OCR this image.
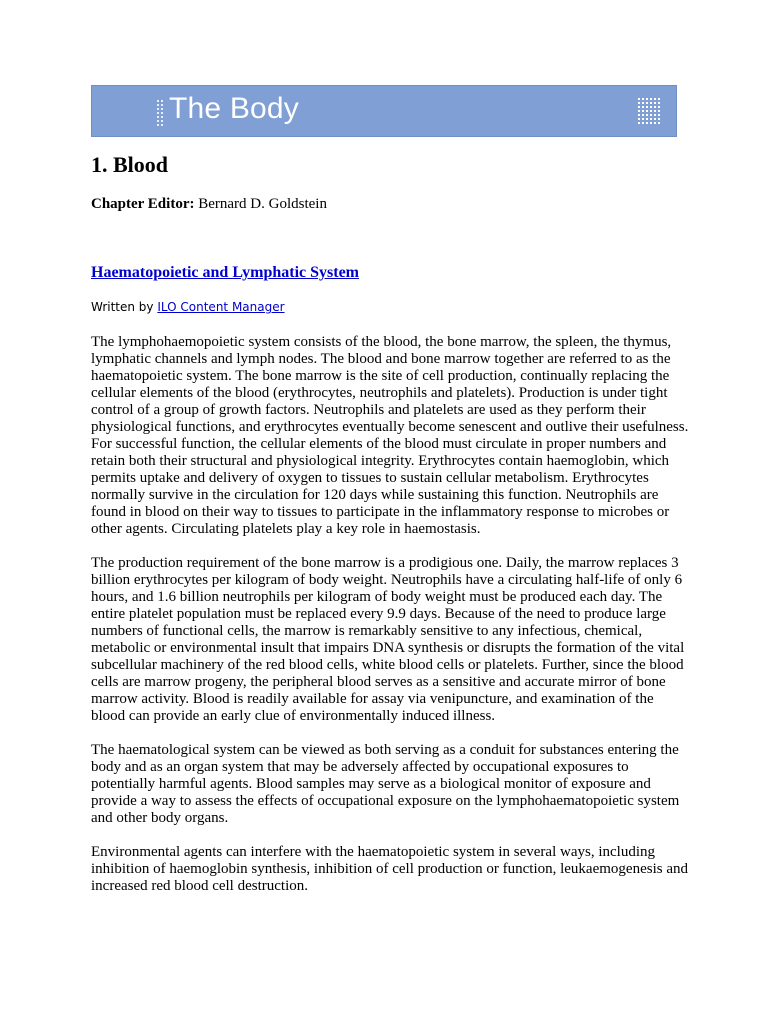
The Body
1. Blood
Chapter Editor: Bernard D. Goldstein
Haematopoietic and Lymphatic System
Written by ILO Content Manager

The lymphohaemopoietic system consists of the blood, the bone marrow, the spleen, the thymus, lymphatic channels and lymph nodes. The blood and bone marrow together are referred to as the haematopoietic system. The bone marrow is the site of cell production, continually replacing the cellular elements of the blood (erythrocytes, neutrophils and platelets). Production is under tight control of a group of growth factors. Neutrophils and platelets are used as they perform their physiological functions, and erythrocytes eventually become senescent and outlive their usefulness. For successful function, the cellular elements of the blood must circulate in proper numbers and retain both their structural and physiological integrity. Erythrocytes contain haemoglobin, which permits uptake and delivery of oxygen to tissues to sustain cellular metabolism. Erythrocytes normally survive in the circulation for 120 days while sustaining this function. Neutrophils are found in blood on their way to tissues to participate in the inflammatory response to microbes or other agents. Circulating platelets play a key role in haemostasis.

The production requirement of the bone marrow is a prodigious one. Daily, the marrow replaces 3 billion erythrocytes per kilogram of body weight. Neutrophils have a circulating half-life of only 6 hours, and 1.6 billion neutrophils per kilogram of body weight must be produced each day. The entire platelet population must be replaced every 9.9 days. Because of the need to produce large numbers of functional cells, the marrow is remarkably sensitive to any infectious, chemical, metabolic or environmental insult that impairs DNA synthesis or disrupts the formation of the vital subcellular machinery of the red blood cells, white blood cells or platelets. Further, since the blood cells are marrow progeny, the peripheral blood serves as a sensitive and accurate mirror of bone marrow activity. Blood is readily available for assay via venipuncture, and examination of the blood can provide an early clue of environmentally induced illness.

The haematological system can be viewed as both serving as a conduit for substances entering the body and as an organ system that may be adversely affected by occupational exposures to potentially harmful agents. Blood samples may serve as a biological monitor of exposure and provide a way to assess the effects of occupational exposure on the lymphohaematopoietic system and other body organs.

Environmental agents can interfere with the haematopoietic system in several ways, including inhibition of haemoglobin synthesis, inhibition of cell production or function, leukaemogenesis and increased red blood cell destruction.
